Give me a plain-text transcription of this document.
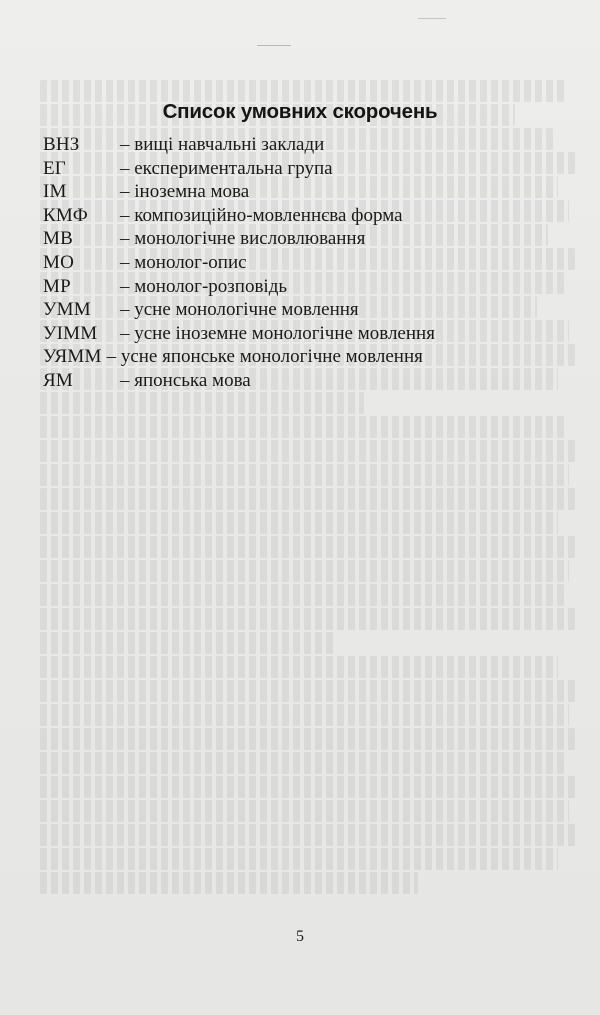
Список умовних скорочень
ВНЗ	– вищі навчальні заклади
ЕГ	– експериментальна група
ІМ	– іноземна мова
КМФ	– композиційно-мовленнєва форма
МВ	– монологічне висловлювання
МО	– монолог-опис
МР	– монолог-розповідь
УММ	– усне монологічне мовлення
УІММ	– усне іноземне монологічне мовлення
УЯММ – усне японське монологічне мовлення
ЯМ	– японська мова
5
